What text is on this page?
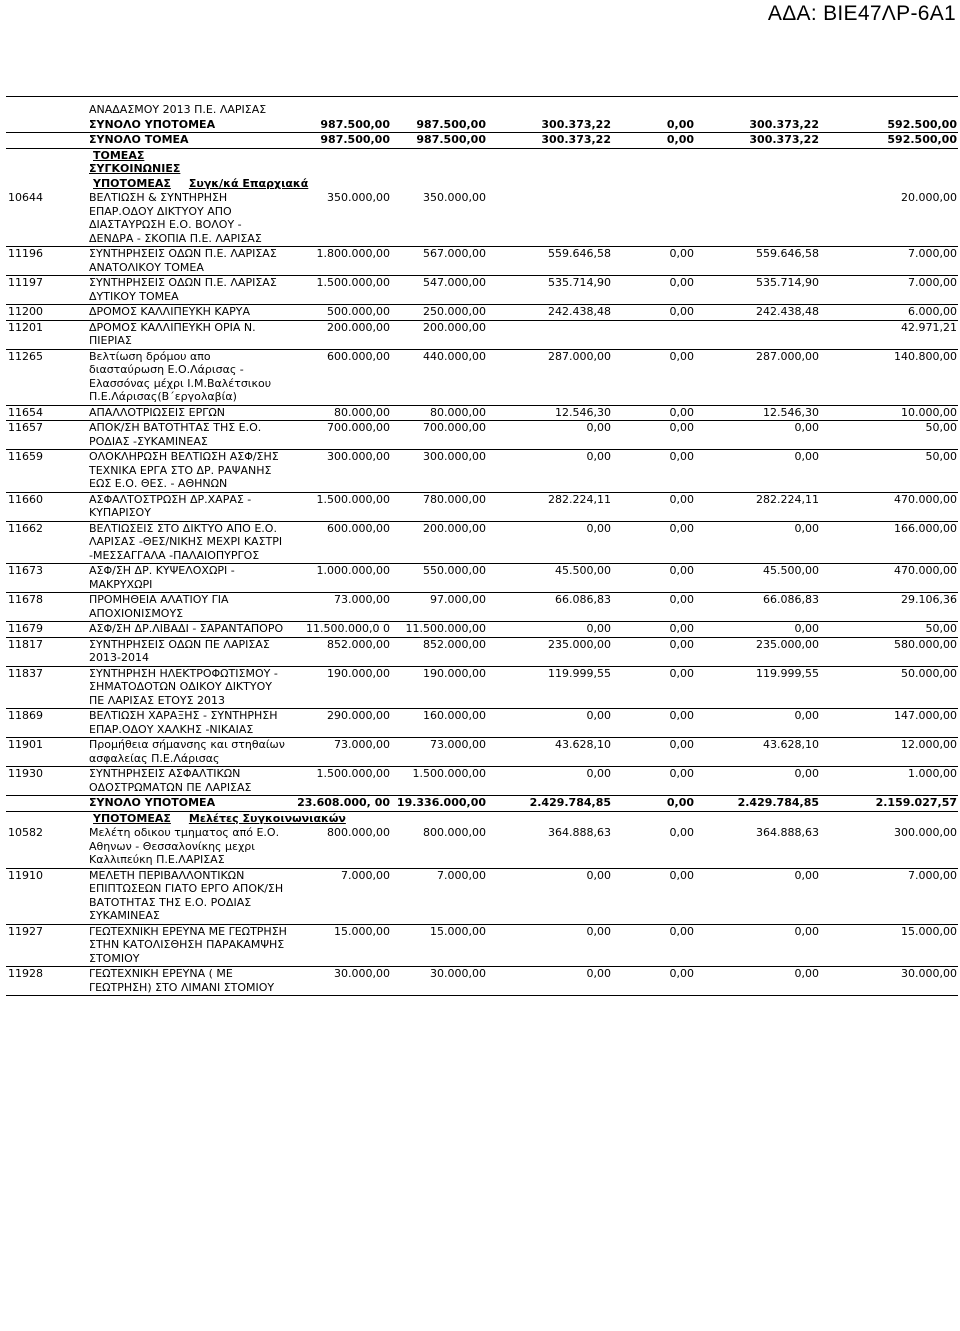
ΑΔΑ: ΒΙΕ47ΛΡ-6Α1
	ΑΝΑΔΑΣΜΟΥ 2013 Π.Ε. ΛΑΡΙΣΑΣ						
	ΣΥΝΟΛΟ ΥΠΟΤΟΜΕΑ	987.500,00	987.500,00	300.373,22	0,00	300.373,22	592.500,00
	ΣΥΝΟΛΟ ΤΟΜΕΑ	987.500,00	987.500,00	300.373,22	0,00	300.373,22	592.500,00
	ΤΟΜΕΑΣ
ΣΥΓΚΟΙΝΩΝΙΕΣ						
	ΥΠΟΤΟΜΕΑΣ Συγκ/κά Επαρχιακά						
10644	ΒΕΛΤΙΩΣΗ & ΣΥΝΤΗΡΗΣΗ ΕΠΑΡ.ΟΔΟΥ ΔΙΚΤΥΟΥ ΑΠΟ ΔΙΑΣΤΑΥΡΩΣΗ Ε.Ο. ΒΟΛΟΥ - ΔΕΝΔΡΑ - ΣΚΟΠΙΑ Π.Ε. ΛΑΡΙΣΑΣ	350.000,00	350.000,00				20.000,00
11196	ΣΥΝΤΗΡΗΣΕΙΣ ΟΔΩΝ Π.Ε. ΛΑΡΙΣΑΣ ΑΝΑΤΟΛΙΚΟΥ ΤΟΜΕΑ	1.800.000,00	567.000,00	559.646,58	0,00	559.646,58	7.000,00
11197	ΣΥΝΤΗΡΗΣΕΙΣ ΟΔΩΝ Π.Ε. ΛΑΡΙΣΑΣ ΔΥΤΙΚΟΥ ΤΟΜΕΑ	1.500.000,00	547.000,00	535.714,90	0,00	535.714,90	7.000,00
11200	ΔΡΟΜΟΣ ΚΑΛΛΙΠΕΥΚΗ ΚΑΡΥΑ	500.000,00	250.000,00	242.438,48	0,00	242.438,48	6.000,00
11201	ΔΡΟΜΟΣ ΚΑΛΛΙΠΕΥΚΗ ΟΡΙΑ Ν. ΠΙΕΡΙΑΣ	200.000,00	200.000,00				42.971,21
11265	Βελτίωση δρόμου απο διασταύρωση Ε.Ο.Λάρισας - Ελασσόνας μέχρι Ι.Μ.Βαλέτσικου Π.Ε.Λάρισας(Β΄εργολαβία)	600.000,00	440.000,00	287.000,00	0,00	287.000,00	140.800,00
11654	ΑΠΑΛΛΟΤΡΙΩΣΕΙΣ ΕΡΓΩΝ	80.000,00	80.000,00	12.546,30	0,00	12.546,30	10.000,00
11657	ΑΠΟΚ/ΣΗ ΒΑΤΟΤΗΤΑΣ ΤΗΣ Ε.Ο. ΡΟΔΙΑΣ -ΣΥΚΑΜΙΝΕΑΣ	700.000,00	700.000,00	0,00	0,00	0,00	50,00
11659	ΟΛΟΚΛΗΡΩΣΗ ΒΕΛΤΙΩΣΗ ΑΣΦ/ΣΗΣ ΤΕΧΝΙΚΑ ΕΡΓΑ ΣΤΟ ΔΡ. ΡΑΨΑΝΗΣ ΕΩΣ Ε.Ο. ΘΕΣ. - ΑΘΗΝΩΝ	300.000,00	300.000,00	0,00	0,00	0,00	50,00
11660	ΑΣΦΑΛΤΟΣΤΡΩΣΗ ΔΡ.ΧΑΡΑΣ - ΚΥΠΑΡΙΣΟΥ	1.500.000,00	780.000,00	282.224,11	0,00	282.224,11	470.000,00
11662	ΒΕΛΤΙΩΣΕΙΣ ΣΤΟ ΔΙΚΤΥΟ ΑΠΟ Ε.Ο. ΛΑΡΙΣΑΣ -ΘΕΣ/ΝΙΚΗΣ ΜΕΧΡΙ ΚΑΣΤΡΙ -ΜΕΣΣΑΓΓΑΛΑ -ΠΑΛΑΙΟΠΥΡΓΟΣ	600.000,00	200.000,00	0,00	0,00	0,00	166.000,00
11673	ΑΣΦ/ΣΗ ΔΡ. ΚΥΨΕΛΟΧΩΡΙ - ΜΑΚΡΥΧΩΡΙ	1.000.000,00	550.000,00	45.500,00	0,00	45.500,00	470.000,00
11678	ΠΡΟΜΗΘΕΙΑ ΑΛΑΤΙΟΥ ΓΙΑ ΑΠΟΧΙΟΝΙΣΜΟΥΣ	73.000,00	97.000,00	66.086,83	0,00	66.086,83	29.106,36
11679	ΑΣΦ/ΣΗ ΔΡ.ΛΙΒΑΔΙ - ΣΑΡΑΝΤΑΠΟΡΟ	11.500.000,0 0	11.500.000,00	0,00	0,00	0,00	50,00
11817	ΣΥΝΤΗΡΗΣΕΙΣ ΟΔΩΝ ΠΕ ΛΑΡΙΣΑΣ 2013-2014	852.000,00	852.000,00	235.000,00	0,00	235.000,00	580.000,00
11837	ΣΥΝΤΗΡΗΣΗ ΗΛΕΚΤΡΟΦΩΤΙΣΜΟΥ - ΣΗΜΑΤΟΔΟΤΩΝ ΟΔΙΚΟΥ ΔΙΚΤΥΟΥ ΠΕ ΛΑΡΙΣΑΣ ΕΤΟΥΣ 2013	190.000,00	190.000,00	119.999,55	0,00	119.999,55	50.000,00
11869	ΒΕΛΤΙΩΣΗ ΧΑΡΑΞΗΣ - ΣΥΝΤΗΡΗΣΗ ΕΠΑΡ.ΟΔΟΥ ΧΑΛΚΗΣ -ΝΙΚΑΙΑΣ	290.000,00	160.000,00	0,00	0,00	0,00	147.000,00
11901	Προμήθεια σήμανσης και στηθαίων ασφαλείας Π.Ε.Λάρισας	73.000,00	73.000,00	43.628,10	0,00	43.628,10	12.000,00
11930	ΣΥΝΤΗΡΗΣΕΙΣ ΑΣΦΑΛΤΙΚΩΝ ΟΔΟΣΤΡΩΜΑΤΩΝ ΠΕ ΛΑΡΙΣΑΣ	1.500.000,00	1.500.000,00	0,00	0,00	0,00	1.000,00
	ΣΥΝΟΛΟ ΥΠΟΤΟΜΕΑ	23.608.000, 00	19.336.000,00	2.429.784,85	0,00	2.429.784,85	2.159.027,57
	ΥΠΟΤΟΜΕΑΣ Μελέτες Συγκοινωνιακών						
10582	Μελέτη οδικου τμηματος από Ε.Ο. Αθηνων - Θεσσαλονίκης μεχρι Καλλιπεύκη Π.Ε.ΛΑΡΙΣΑΣ	800.000,00	800.000,00	364.888,63	0,00	364.888,63	300.000,00
11910	ΜΕΛΕΤΗ ΠΕΡΙΒΑΛΛΟΝΤΙΚΩΝ ΕΠΙΠΤΩΣΕΩΝ ΓΙΑΤΟ ΕΡΓΟ ΑΠΟΚ/ΣΗ ΒΑΤΟΤΗΤΑΣ ΤΗΣ Ε.Ο. ΡΟΔΙΑΣ ΣΥΚΑΜΙΝΕΑΣ	7.000,00	7.000,00	0,00	0,00	0,00	7.000,00
11927	ΓΕΩΤΕΧΝΙΚΗ ΕΡΕΥΝΑ ΜΕ ΓΕΩΤΡΗΣΗ ΣΤΗΝ ΚΑΤΟΛΙΣΘΗΣΗ ΠΑΡΑΚΑΜΨΗΣ ΣΤΟΜΙΟΥ	15.000,00	15.000,00	0,00	0,00	0,00	15.000,00
11928	ΓΕΩΤΕΧΝΙΚΗ ΕΡΕΥΝΑ ( ΜΕ ΓΕΩΤΡΗΣΗ) ΣΤΟ ΛΙΜΑΝΙ ΣΤΟΜΙΟΥ	30.000,00	30.000,00	0,00	0,00	0,00	30.000,00
